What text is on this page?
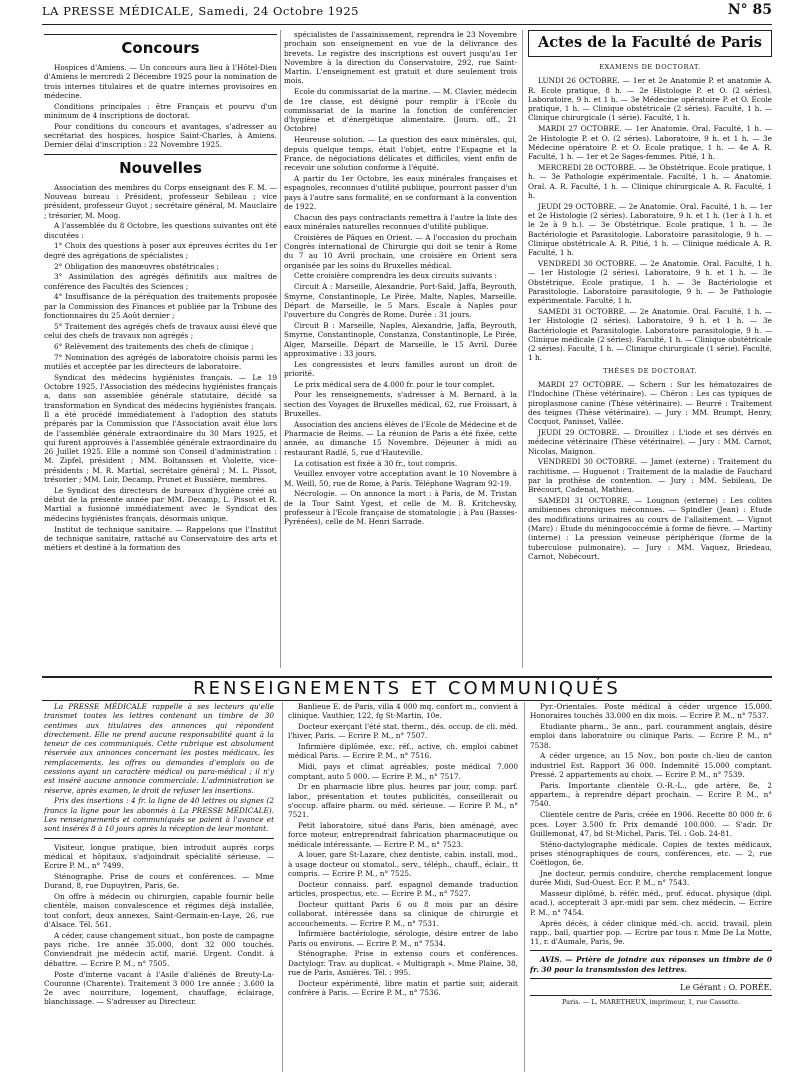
LA PRESSE MÉDICALE, Samedi, 24 Octobre 1925	N° 85
Concours

Hospices d'Amiens. — Un concours aura lieu à l'Hôtel-Dieu d'Amiens le mercredi 2 Décembre 1925 pour la nomination de trois internes titulaires et de quatre internes provisoires en médecine.

Conditions principales : être Français et pourvu d'un minimum de 4 inscriptions de doctorat.

Pour conditions du concours et avantages, s'adresser au secrétariat des hospices, hospice Saint-Charles, à Amiens. Dernier délai d'inscription : 22 Novembre 1925.

Nouvelles

Association des membres du Corps enseignant des F. M. — Nouveau bureau : Président, professeur Sebileau ; vice président, professeur Guyot ; secrétaire général, M. Mauclaire ; trésorier, M. Moog.

A l'assemblée du 8 Octobre, les questions suivantes ont été discutées :

1° Choix des questions à poser aux épreuves écrites du 1er degré des agrégations de spécialistes ;

2° Obligation des manœuvres obstétricales ;

3° Assimilation des agrégés définitifs aux maîtres de conférence des Facultés des Sciences ;

4° Insuffisance de la péréquation des traitements proposée par la Commission des Finances et publiée par la Tribune des fonctionnaires du 25 Août dernier ;

5° Traitement des agrégés chefs de travaux aussi élevé que celui des chefs de travaux non agrégés ;

6° Relèvement des traitements des chefs de clinique ;

7° Nomination des agrégés de laboratoire choisis parmi les mutilés et acceptée par les directeurs de laboratoire.

Syndicat des médecins hygiénistes français. — Le 19 Octobre 1925, l'Association des médecins hygiénistes français a, dans son assemblée générale statutaire, décidé sa transformation en Syndicat des médecins hygiénistes français. Il a été procédé immédiatement à l'adoption des statuts préparés par la Commission que l'Association avait élue lors de l'assemblée générale extraordinaire du 30 Mars 1925, et qui furent approuvés à l'assemblée générale extraordinaire du 26 Juillet 1925. Elle a nommé son Conseil d'administration : M. Zipfel, président ; MM. Boltanssen et Violette, vice-présidents ; M. R. Martial, secrétaire général ; M. L. Pissot, trésorier ; MM. Loir, Decamp, Prunet et Bussière, membres.

Le Syndicat des directeurs de bureaux d'hygiène créé au début de la présente année par MM. Decamp, L. Pissot et R. Martial a fusionné immédiatement avec le Syndicat des médecins hygiénistes français, désormais unique.

Institut de technique sanitaire. — Rappelons que l'Institut de technique sanitaire, rattaché au Conservatoire des arts et métiers et destiné à la formation des

spécialistes de l'assainissement, reprendra le 23 Novembre prochain son enseignement en vue de la délivrance des brevets. Le registre des inscriptions est ouvert jusqu'au 1er Novembre à la direction du Conservatoire, 292, rue Saint-Martin. L'enseignement est gratuit et dure seulement trois mois.

Ecole du commissariat de la marine. — M. Clavier, médecin de 1re classe, est désigné pour remplir à l'Ecole du commissariat de la marine la fonction de conférencier d'hygiène et d'énergétique alimentaire. (Journ. off., 21 Octobre)

Heureuse solution. — La question des eaux minérales, qui, depuis quelque temps, était l'objet, entre l'Espagne et la France, de négociations délicates et difficiles, vient enfin de recevoir une solution conforme à l'équité.

A partir du 1er Octobre, les eaux minérales françaises et espagnoles, reconnues d'utilité publique, pourront passer d'un pays à l'autre sans formalité, en se conformant à la convention de 1922.

Chacun des pays contractants remettra à l'autre la liste des eaux minérales naturelles reconnues d'utilité publique.

Croisières de Pâques en Orient. — A l'occasion du prochain Congrès international de Chirurgie qui doit se tenir à Rome du 7 au 10 Avril prochain, une croisière en Orient sera organisée par les soins du Bruxelles médical.

Cette croisière comprendra les deux circuits suivants :

Circuit A : Marseille, Alexandrie, Port-Saïd, Jaffa, Beyrouth, Smyrne, Constantinople, Le Pirée, Malte, Naples, Marseille. Départ de Marseille, le 5 Mars. Escale à Naples pour l'ouverture du Congrès de Rome. Durée : 31 jours.

Circuit B : Marseille, Naples, Alexandrie, Jaffa, Beyrouth, Smyrne, Constantinople, Constanza, Constantinople, Le Pirée, Alger, Marseille. Départ de Marseille, le 15 Avril. Durée approximative : 33 jours.

Les congressistes et leurs familles auront un droit de priorité.

Le prix médical sera de 4.000 fr. pour le tour complet.

Pour les renseignements, s'adresser à M. Bernard, à la section des Voyages de Bruxelles médical, 62, rue Froissart, à Bruxelles.

Association des anciens élèves de l'Ecole de Médecine et de Pharmacie de Reims. — La réunion de Paris a été fixée, cette année, au dimanche 15 Novembre. Déjeuner à midi au restaurant Radlé, 5, rue d'Hauteville.

La cotisation est fixée à 30 fr., tout compris.

Veuillez envoyer votre acceptation avant le 10 Novembre à M. Weill, 50, rue de Rome, à Paris. Téléphone Wagram 92-19.

Nécrologie. — On annonce la mort : à Paris, de M. Tristan de la Tour Saint Ygest, et celle de M. B. Kritchevsky, professeur à l'Ecole française de stomatologie ; à Pau (Basses-Pyrénées), celle de M. Henri Sarrade.

Actes de la Faculté de Paris

EXAMENS DE DOCTORAT.

LUNDI 26 OCTOBRE. — 1er et 2e Anatomie P. et anatomie A. R. Ecole pratique, 8 h. — 2e Histologie P. et O. (2 séries). Laboratoire, 9 h. et 1 h. — 3e Médecine opératoire P. et O. Ecole pratique, 1 h. — Clinique obstétricale (2 séries). Faculté, 1 h. — Clinique chirurgicale (1 série). Faculté, 1 h.

MARDI 27 OCTOBRE. — 1er Anatomie. Oral. Faculté, 1 h. — 2e Histologie P. et O. (2 séries). Laboratoire, 9 h. et 1 h. — 3e Médecine opératoire P. et O. Ecole pratique, 1 h. — 4e A. R. Faculté, 1 h. — 1er et 2e Sages-femmes. Pitié, 1 h.

MERCREDI 28 OCTOBRE. — 3e Obstétrique. Ecole pratique, 1 h. — 3e Pathologie expérimentale. Faculté, 1 h. — Anatomie. Oral. A. R. Faculté, 1 h. — Clinique chirurgicale A. R. Faculté, 1 h.

JEUDI 29 OCTOBRE. — 2e Anatomie. Oral. Faculté, 1 h. — 1er et 2e Histologie (2 séries). Laboratoire, 9 h. et 1 h. (1er à 1 h. et le 2e à 9 h.). — 3e Obstétrique. Ecole pratique, 1 h. — 3e Bactériologie et Parasitologie. Laboratoire parasitologie, 9 h. — Clinique obstétricale A. R. Pitié, 1 h. — Clinique médicale A. R. Faculté, 1 h.

VENDREDI 30 OCTOBRE. — 2e Anatomie. Oral. Faculté, 1 h. — 1er Histologie (2 séries). Laboratoire, 9 h. et 1 h. — 3e Obstétrique. Ecole pratique, 1 h. — 3e Bactériologie et Parasitologie. Laboratoire parasitologie, 9 h. — 3e Pathologie expérimentale. Faculté, 1 h.

SAMEDI 31 OCTOBRE. — 2e Anatomie. Oral. Faculté, 1 h. — 1er Histologie (2 séries). Laboratoire, 9 h. et 1 h. — 3e Bactériologie et Parasitologie. Laboratoire parasitologie, 9 h. — Clinique médicale (2 séries). Faculté, 1 h. — Clinique obstétricale (2 séries). Faculté, 1 h. — Clinique chirurgicale (1 série). Faculté, 1 h.

THÈSES DE DOCTORAT.

MARDI 27 OCTOBRE. — Schern : Sur les hématozaires de l'Indochine (Thèse vétérinaire). — Chéron : Les cas typiques de piroplasmose canine (Thèse vétérinaire). — Beurré : Traitement des teignes (Thèse vétérinaire). — Jury : MM. Brumpt, Henry, Cocquot, Panisset, Vallée.

JEUDI 29 OCTOBRE. — Drouillez : L'iode et ses dérivés en médecine vétérinaire (Thèse vétérinaire). — Jury : MM. Carnot, Nicolas, Maignon.

VENDREDI 30 OCTOBRE. — Jamet (externe) : Traitement du rachitisme. — Huguenot : Traitement de la maladie de Fauchard par la prothèse de contention. — Jury : MM. Sebileau, De Brécourt, Cadenat, Mathieu.

SAMEDI 31 OCTOBRE. — Lougnon (externe) : Les colites amibiennes chroniques méconnues. — Spindler (Jean) : Etude des modifications urinaires au cours de l'allaitement. — Vignot (Marc) : Etude du méningococcémie à forme de fièvre. — Martiny (interne) : La pression veineuse périphérique (forme de la tuberculose pulmonaire). — Jury : MM. Vaquez, Briedeau, Carnot, Nobécourt.

RENSEIGNEMENTS ET COMMUNIQUÉS

La PRESSE MÉDICALE rappelle à ses lecteurs qu'elle transmet toutes les lettres contenant un timbre de 30 centimes aux titulaires des annonces qui répondent directement. Elle ne prend aucune responsabilité quant à la teneur de ces communiqués. Cette rubrique est absolument réservée aux annonces concernant les postes médicaux, les remplacements, les offres ou demandes d'emplois ou de cessions ayant un caractère médical ou para-médical ; il n'y est inséré aucune annonce commerciale. L'administration se réserve, après examen, le droit de refuser les insertions.

Prix des insertions : 4 fr. la ligne de 40 lettres ou signes (2 francs la ligne pour les abonnés à La PRESSE MÉDICALE). Les renseignements et communiqués se paient à l'avance et sont insérés 8 à 10 jours après la réception de leur montant.

Visiteur, longue pratique, bien introduit auprès corps médical et hôpitaux, s'adjoindrait spécialité sérieuse. — Ecrire P. M., n° 7499.

Sténographe. Prise de cours et conférences. — Mme Durand, 8, rue Dupuytren, Paris, 6e.

On offre à médecin ou chirurgien, capable fournir belle clientèle, maison convalescence et régimes déjà installée, tout confort, deux annexes, Saint-Germain-en-Laye, 26, rue d'Alsace. Tél. 561.

A céder, cause changement situat., bon poste de campagne pays riche. 1re année 35.000, dont 32 000 touchés. Conviendrait jne médecin actif, marié. Urgent. Condit. à débattre. — Ecrire P. M., n° 7505.

Poste d'interne vacant à l'Asile d'aliénés de Breuty-La-Couronne (Charente). Traitement 3 000 1re année ; 3.600 la 2e avec nourriture, logement, chauffage, éclairage, blanchissage. — S'adresser au Directeur.

Banlieue E. de Paris, villa 4 000 mq. confort m., convient à clinique. Vauthier, 122, fg St-Martin, 10e.

Docteur exerçant l'été stat. therm., dés. occup. de cli. méd. l'hiver, Paris. — Ecrire P. M., n° 7507.

Infirmière diplômée, exc. réf., active, ch. emploi cabinet médical Paris. — Ecrire P. M., n° 7516.

Midi, pays et climat agréables, poste médical 7.000 comptant, auto 5 000. — Ecrire P. M., n° 7517.

Dr en pharmacie libre plus. heures par jour, comp. parf. labor., présentation et toutes publicités, conseillerait ou s'occup. affaire pharm. ou méd. sérieuse. — Ecrire P. M., n° 7521.

Petit laboratoire, situé dans Paris, bien aménagé, avec force moteur, entreprendrait fabrication pharmaceutique ou médicale intéressante. — Ecrire P. M., n° 7523.

A louer, gare St-Lazare, chez dentiste, cabin. install. mod., à usage docteur ou stomatol., serv., téléph., chauff., éclair., tt compris. — Ecrire P. M., n° 7525.

Docteur connaiss. parf. espagnol demande traduction articles, prospectus, etc. — Ecrire P. M., n° 7527.

Docteur quittant Paris 6 ou 8 mois par an désire collaborat. intéressée dans sa clinique de chirurgie et accouchements. — Ecrire P. M., n° 7531.

Infirmière bactériologie, sérologie, désire entrer de labo Paris ou environs. — Ecrire P. M., n° 7534.

Sténographe. Prise in extenso cours et conférences. Dactylogr. Trav. au duplicat. « Multigraph ». Mme Plaine, 38, rue de Paris, Asnières. Tél. : 995.

Docteur expérimenté, libre matin et partie soir, aiderait confrère à Paris. — Ecrire P. M., n° 7536.

Pyr.-Orientales. Poste médical à céder urgence 15.000. Honoraires touchés 33.000 en dix mois. — Ecrire P. M., n° 7537.

Etudiante pharm., 3e ann., parl. couramment anglais, désire emploi dans laboratoire ou clinique Paris. — Ecrire P. M., n° 7538.

A céder urgence, au 15 Nov., bon poste ch.-lieu de canton industriel Est. Rapport 36 000. Indemnité 15.000 comptant. Pressé. 2 appartements au choix. — Ecrire P. M., n° 7539.

Paris. Importante clientèle O.-R.-L., gde artère, 8e, 2 appartem., à reprendre départ prochain. — Ecrire P. M., n° 7540.

Clientèle centre de Paris, créée en 1906. Recette 80 000 fr. 6 pces. Loyer 3.500 fr. Prix demandé 100.000. — S'adr. Dr Guillemonat, 47, bd St-Michel, Paris. Tél. : Gob. 24-81.

Sténo-dactylographe médicale. Copies de textes médicaux, prises sténographiques de cours, conférences, etc. — 2, rue Coëtlogon, 6e.

Jne docteur, permis conduire, cherche remplacement longue durée Midi, Sud-Ouest. Ecr. P. M., n° 7543.

Masseur diplômé, b. référ. méd., prof. éducat. physique (dipl. acad.), accepterait 3 apr.-midi par sem. chez médecin. — Ecrire P. M., n° 7454.

Après décès, à céder clinique méd.-ch. accid. travail, plein rapp., bail, quartier pop. — Ecrire par tous r. Mme De La Motte, 11, r. d'Aumale, Paris, 9e.

AVIS. — Prière de joindre aux réponses un timbre de 0 fr. 30 pour la transmission des lettres.

Le Gérant : O. PORÉE.

Paris. — L. MARETHEUX, imprimeur, 1, rue Cassette.
